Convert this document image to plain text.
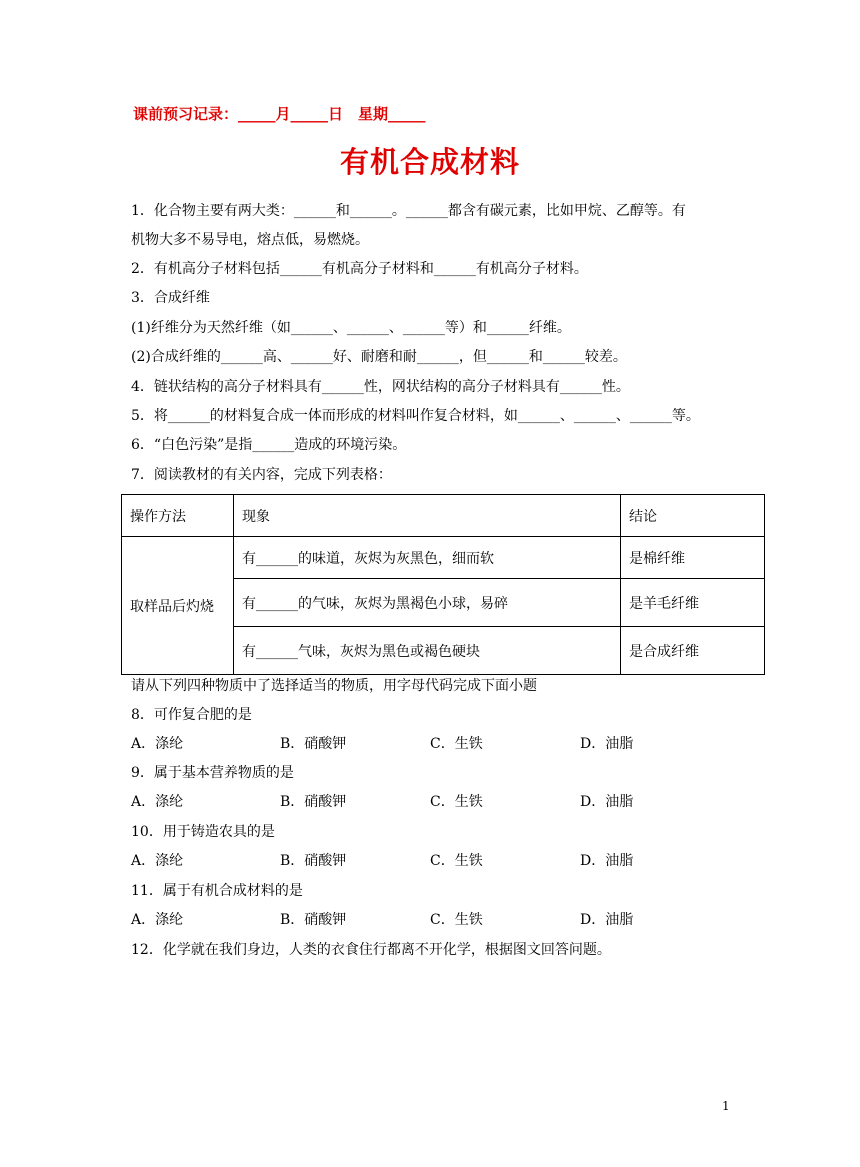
课前预习记录：_____月_____日　星期_____
有机合成材料
1．化合物主要有两大类：______和______。______都含有碳元素，比如甲烷、乙醇等。有
机物大多不易导电，熔点低，易燃烧。
2．有机高分子材料包括______有机高分子材料和______有机高分子材料。
3．合成纤维
(1)纤维分为天然纤维（如______、______、______等）和______纤维。
(2)合成纤维的______高、______好、耐磨和耐______，但______和______较差。
4．链状结构的高分子材料具有______性，网状结构的高分子材料具有______性。
5．将______的材料复合成一体而形成的材料叫作复合材料，如______、______、______等。
6．“白色污染”是指______造成的环境污染。
7．阅读教材的有关内容，完成下列表格：
操作方法	现象	结论
取样品后灼烧	有______的味道，灰烬为灰黑色，细而软	是棉纤维
	有______的气味，灰烬为黑褐色小球，易碎	是羊毛纤维
	有______气味，灰烬为黑色或褐色硬块	是合成纤维
请从下列四种物质中了选择适当的物质，用字母代码完成下面小题
8．可作复合肥的是
A．涤纶	B．硝酸钾	C．生铁	D．油脂
9．属于基本营养物质的是
A．涤纶	B．硝酸钾	C．生铁	D．油脂
10．用于铸造农具的是
A．涤纶	B．硝酸钾	C．生铁	D．油脂
11．属于有机合成材料的是
A．涤纶	B．硝酸钾	C．生铁	D．油脂
12．化学就在我们身边，人类的衣食住行都离不开化学，根据图文回答问题。
1
